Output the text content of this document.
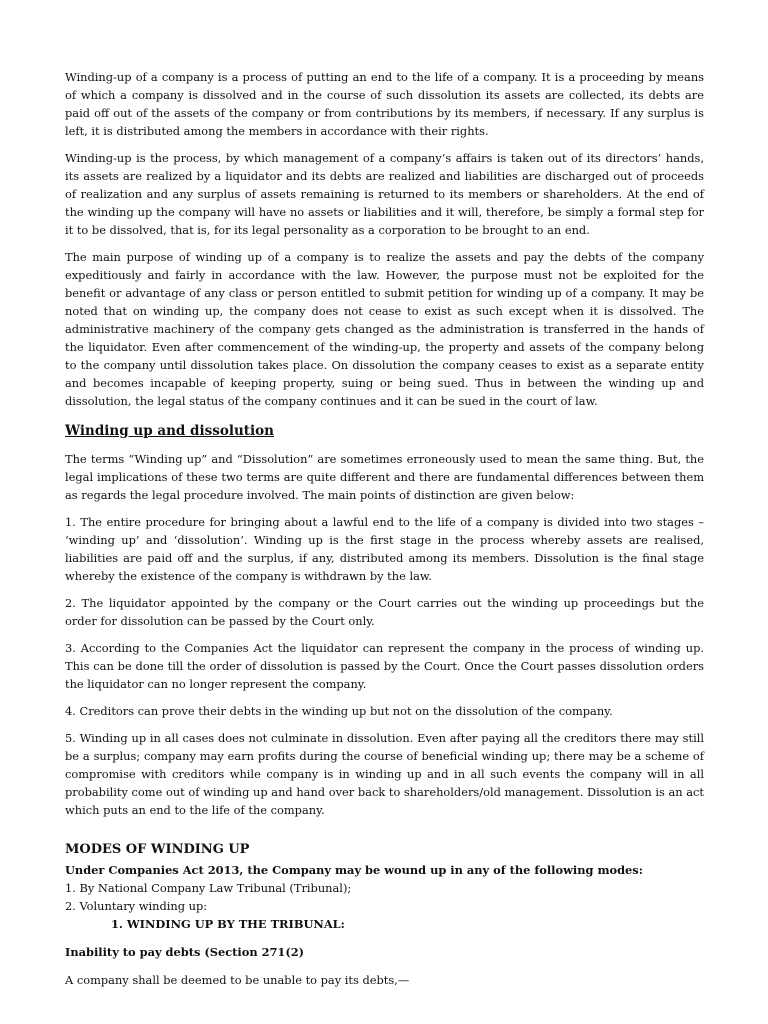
Winding-up of a company is a process of putting an end to the life of a company. It is a proceeding by means of which a company is dissolved and in the course of such dissolution its assets are collected, its debts are paid off out of the assets of the company or from contributions by its members, if necessary. If any surplus is left, it is distributed among the members in accordance with their rights.

Winding-up is the process, by which management of a company’s affairs is taken out of its directors’ hands, its assets are realized by a liquidator and its debts are realized and liabilities are discharged out of proceeds of realization and any surplus of assets remaining is returned to its members or shareholders. At the end of the winding up the company will have no assets or liabilities and it will, therefore, be simply a formal step for it to be dissolved, that is, for its legal personality as a corporation to be brought to an end.

The main purpose of winding up of a company is to realize the assets and pay the debts of the company expeditiously and fairly in accordance with the law. However, the purpose must not be exploited for the benefit or advantage of any class or person entitled to submit petition for winding up of a company. It may be noted that on winding up, the company does not cease to exist as such except when it is dissolved. The administrative machinery of the company gets changed as the administration is transferred in the hands of the liquidator. Even after commencement of the winding-up, the property and assets of the company belong to the company until dissolution takes place. On dissolution the company ceases to exist as a separate entity and becomes incapable of keeping property, suing or being sued. Thus in between the winding up and dissolution, the legal status of the company continues and it can be sued in the court of law.

Winding up and dissolution

The terms “Winding up” and “Dissolution” are sometimes erroneously used to mean the same thing. But, the legal implications of these two terms are quite different and there are fundamental differences between them as regards the legal procedure involved. The main points of distinction are given below:

1. The entire procedure for bringing about a lawful end to the life of a company is divided into two stages – ‘winding up’ and ‘dissolution’. Winding up is the first stage in the process whereby assets are realised, liabilities are paid off and the surplus, if any, distributed among its members. Dissolution is the final stage whereby the existence of the company is withdrawn by the law.

2. The liquidator appointed by the company or the Court carries out the winding up proceedings but the order for dissolution can be passed by the Court only.

3. According to the Companies Act the liquidator can represent the company in the process of winding up. This can be done till the order of dissolution is passed by the Court. Once the Court passes dissolution orders the liquidator can no longer represent the company.

4. Creditors can prove their debts in the winding up but not on the dissolution of the company.

5. Winding up in all cases does not culminate in dissolution. Even after paying all the creditors there may still be a surplus; company may earn profits during the course of beneficial winding up; there may be a scheme of compromise with creditors while company is in winding up and in all such events the company will in all probability come out of winding up and hand over back to shareholders/old management. Dissolution is an act which puts an end to the life of the company.

MODES OF WINDING UP

Under Companies Act 2013, the Company may be wound up in any of the following modes:

1. By National Company Law Tribunal (Tribunal);

2. Voluntary winding up:

1. WINDING UP BY THE TRIBUNAL:

Inability to pay debts (Section 271(2)

A company shall be deemed to be unable to pay its debts,—
